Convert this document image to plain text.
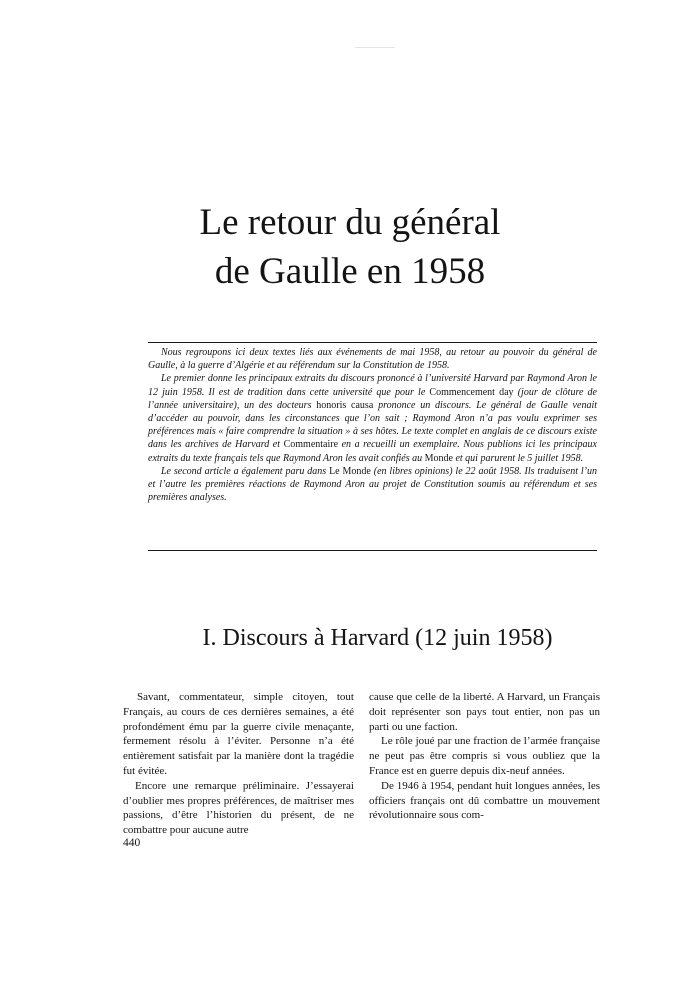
Le retour du général
de Gaulle en 1958

Nous regroupons ici deux textes liés aux événements de mai 1958, au retour au pouvoir du général de Gaulle, à la guerre d’Algérie et au référendum sur la Constitution de 1958.

Le premier donne les principaux extraits du discours prononcé à l’université Harvard par Raymond Aron le 12 juin 1958. Il est de tradition dans cette université que pour le Commencement day (jour de clôture de l’année universitaire), un des docteurs honoris causa prononce un discours. Le général de Gaulle venait d’accéder au pouvoir, dans les circonstances que l’on sait ; Raymond Aron n’a pas voulu exprimer ses préférences mais « faire comprendre la situation » à ses hôtes. Le texte complet en anglais de ce discours existe dans les archives de Harvard et Commentaire en a recueilli un exemplaire. Nous publions ici les principaux extraits du texte français tels que Raymond Aron les avait confiés au Monde et qui parurent le 5 juillet 1958.

Le second article a également paru dans Le Monde (en libres opinions) le 22 août 1958. Ils traduisent l’un et l’autre les premières réactions de Raymond Aron au projet de Constitution soumis au référendum et ses premières analyses.

I. Discours à Harvard (12 juin 1958)

Savant, commentateur, simple citoyen, tout Français, au cours de ces dernières semaines, a été profondément ému par la guerre civile menaçante, fermement résolu à l’éviter. Personne n’a été entièrement satisfait par la manière dont la tragédie fut évitée.

Encore une remarque préliminaire. J’essayerai d’oublier mes propres préférences, de maîtriser mes passions, d’être l’historien du présent, de ne combattre pour aucune autre

cause que celle de la liberté. A Harvard, un Français doit représenter son pays tout entier, non pas un parti ou une faction.

Le rôle joué par une fraction de l’armée française ne peut pas être compris si vous oubliez que la France est en guerre depuis dix-neuf années.

De 1946 à 1954, pendant huit longues années, les officiers français ont dû combattre un mouvement révolutionnaire sous com-

440
